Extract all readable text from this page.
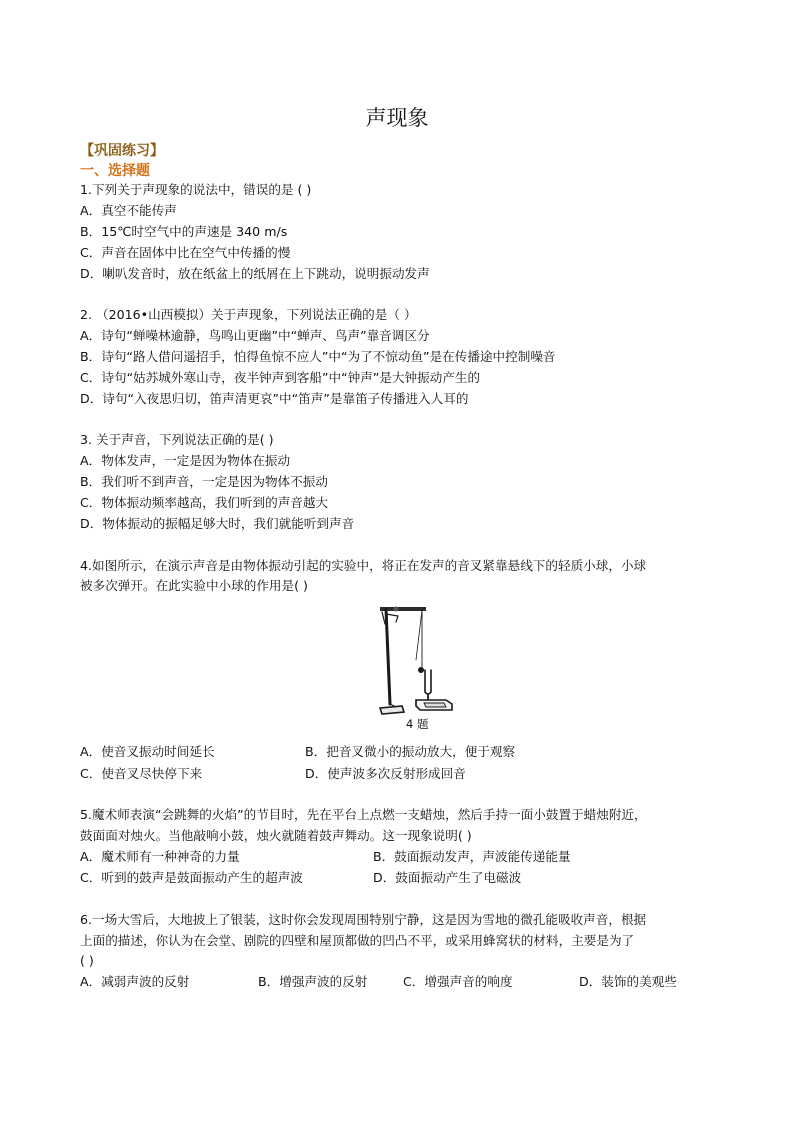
声现象
【巩固练习】
一、选择题
1.下列关于声现象的说法中，错误的是 ( )
A．真空不能传声
B．15℃时空气中的声速是 340 m/s
C．声音在固体中比在空气中传播的慢
D．喇叭发音时，放在纸盆上的纸屑在上下跳动，说明振动发声
2. （2016•山西模拟）关于声现象，下列说法正确的是（ ）
A．诗句“蝉噪林逾静，鸟鸣山更幽”中“蝉声、鸟声”靠音调区分
B．诗句“路人借问遥招手，怕得鱼惊不应人”中“为了不惊动鱼”是在传播途中控制噪音
C．诗句“姑苏城外寒山寺，夜半钟声到客船”中“钟声”是大钟振动产生的
D．诗句“入夜思归切，笛声清更哀”中“笛声”是靠笛子传播进入人耳的
3. 关于声音，下列说法正确的是( )
A．物体发声，一定是因为物体在振动
B．我们听不到声音，一定是因为物体不振动
C．物体振动频率越高，我们听到的声音越大
D．物体振动的振幅足够大时，我们就能听到声音
4.如图所示，在演示声音是由物体振动引起的实验中，将正在发声的音叉紧靠悬线下的轻质小球，小球
被多次弹开。在此实验中小球的作用是( )
4 题
A．使音叉振动时间延长	B．把音叉微小的振动放大，便于观察
C．使音叉尽快停下来	D．使声波多次反射形成回音
5.魔术师表演“会跳舞的火焰”的节目时，先在平台上点燃一支蜡烛，然后手持一面小鼓置于蜡烛附近，
鼓面面对烛火。当他敲响小鼓，烛火就随着鼓声舞动。这一现象说明( )
A．魔术师有一种神奇的力量	B．鼓面振动发声，声波能传递能量
C．听到的鼓声是鼓面振动产生的超声波	D．鼓面振动产生了电磁波
6.一场大雪后，大地披上了银装，这时你会发现周围特别宁静，这是因为雪地的微孔能吸收声音，根据
上面的描述，你认为在会堂、剧院的四壁和屋顶都做的凹凸不平，或采用蜂窝状的材料，主要是为了
( )
A．减弱声波的反射	B．增强声波的反射	C．增强声音的响度	D．装饰的美观些
